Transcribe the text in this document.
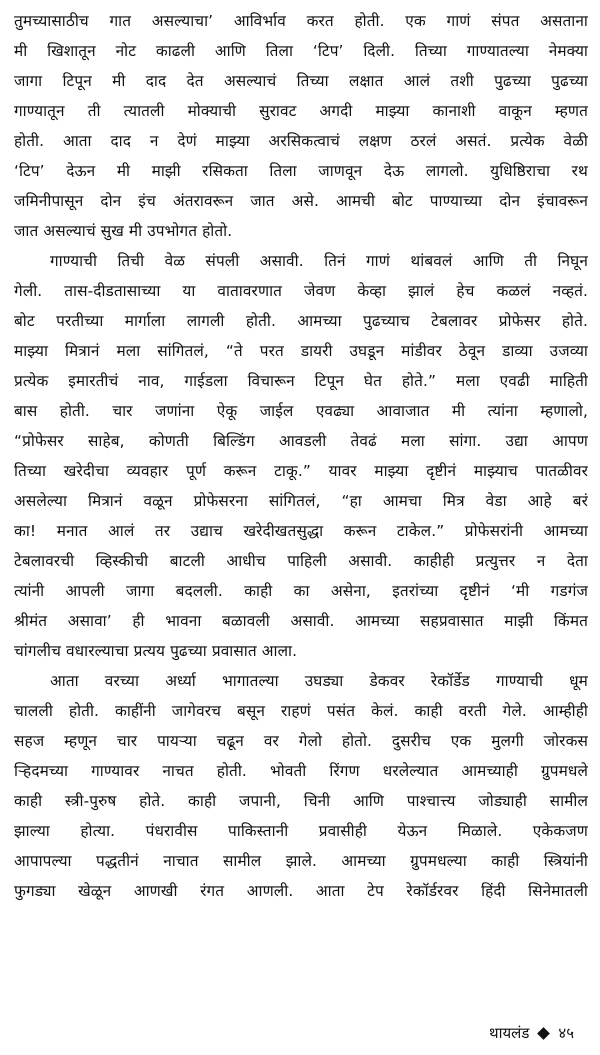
तुमच्यासाठीच गात असल्याचा’ आविर्भाव करत होती. एक गाणं संपत असताना
मी खिशातून नोट काढली आणि तिला ‘टिप’ दिली. तिच्या गाण्यातल्या नेमक्या
जागा टिपून मी दाद देत असल्याचं तिच्या लक्षात आलं तशी पुढच्या पुढच्या
गाण्यातून ती त्यातली मोक्याची सुरावट अगदी माझ्या कानाशी वाकून म्हणत
होती. आता दाद न देणं माझ्या अरसिकत्वाचं लक्षण ठरलं असतं. प्रत्येक वेळी
‘टिप’ देऊन मी माझी रसिकता तिला जाणवून देऊ लागलो. युधिष्ठिराचा रथ
जमिनीपासून दोन इंच अंतरावरून जात असे. आमची बोट पाण्याच्या दोन इंचावरून
जात असल्याचं सुख मी उपभोगत होतो.
गाण्याची तिची वेळ संपली असावी. तिनं गाणं थांबवलं आणि ती निघून
गेली. तास-दीडतासाच्या या वातावरणात जेवण केव्हा झालं हेच कळलं नव्हतं.
बोट परतीच्या मार्गाला लागली होती. आमच्या पुढच्याच टेबलावर प्रोफेसर होते.
माझ्या मित्रानं मला सांगितलं, “ते परत डायरी उघडून मांडीवर ठेवून डाव्या उजव्या
प्रत्येक इमारतीचं नाव, गाईडला विचारून टिपून घेत होते.” मला एवढी माहिती
बास होती. चार जणांना ऐकू जाईल एवढ्या आवाजात मी त्यांना म्हणालो,
“प्रोफेसर साहेब, कोणती बिल्डिंग आवडली तेवढं मला सांगा. उद्या आपण
तिच्या खरेदीचा व्यवहार पूर्ण करून टाकू.” यावर माझ्या दृष्टीनं माझ्याच पातळीवर
असलेल्या मित्रानं वळून प्रोफेसरना सांगितलं, “हा आमचा मित्र वेडा आहे बरं
का! मनात आलं तर उद्याच खरेदीखतसुद्धा करून टाकेल.” प्रोफेसरांनी आमच्या
टेबलावरची व्हिस्कीची बाटली आधीच पाहिली असावी. काहीही प्रत्युत्तर न देता
त्यांनी आपली जागा बदलली. काही का असेना, इतरांच्या दृष्टीनं ‘मी गडगंज
श्रीमंत असावा’ ही भावना बळावली असावी. आमच्या सहप्रवासात माझी किंमत
चांगलीच वधारल्याचा प्रत्यय पुढच्या प्रवासात आला.
आता वरच्या अर्ध्या भागातल्या उघड्या डेकवर रेकॉर्डेड गाण्याची धूम
चालली होती. काहींनी जागेवरच बसून राहणं पसंत केलं. काही वरती गेले. आम्हीही
सहज म्हणून चार पायऱ्या चढून वर गेलो होतो. दुसरीच एक मुलगी जोरकस
ऱ्हिदमच्या गाण्यावर नाचत होती. भोवती रिंगण धरलेल्यात आमच्याही ग्रुपमधले
काही स्त्री-पुरुष होते. काही जपानी, चिनी आणि पाश्चात्त्य जोड्याही सामील
झाल्या होत्या. पंधरावीस पाकिस्तानी प्रवासीही येऊन मिळाले. एकेकजण
आपापल्या पद्धतीनं नाचात सामील झाले. आमच्या ग्रुपमधल्या काही स्त्रियांनी
फुगड्या खेळून आणखी रंगत आणली. आता टेप रेकॉर्डरवर हिंदी सिनेमातली
थायलंड ४५
